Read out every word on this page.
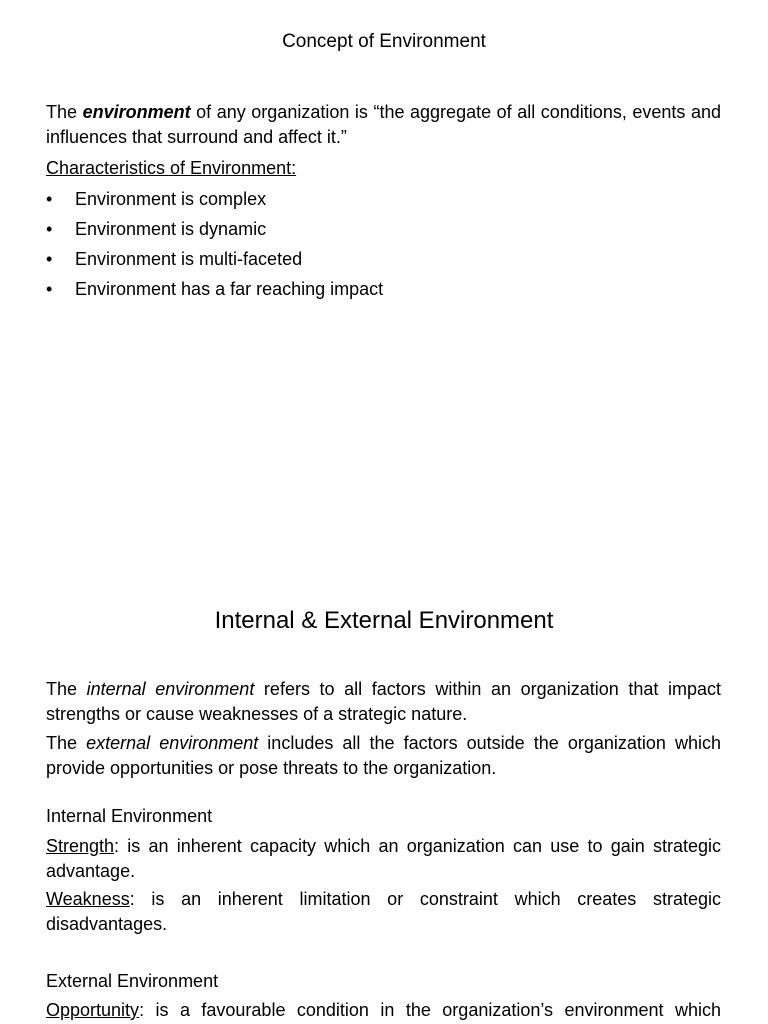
Concept of Environment
The environment of any organization is “the aggregate of all conditions, events and influences that surround and affect it.”
Characteristics of Environment:
• Environment is complex
• Environment is dynamic
• Environment is multi-faceted
• Environment has a far reaching impact
Internal & External Environment
The internal environment refers to all factors within an organization that impact strengths or cause weaknesses of a strategic nature.
The external environment includes all the factors outside the organization which provide opportunities or pose threats to the organization.
Internal Environment
Strength: is an inherent capacity which an organization can use to gain strategic advantage.
Weakness: is an inherent limitation or constraint which creates strategic disadvantages.
External Environment
Opportunity: is a favourable condition in the organization’s environment which
